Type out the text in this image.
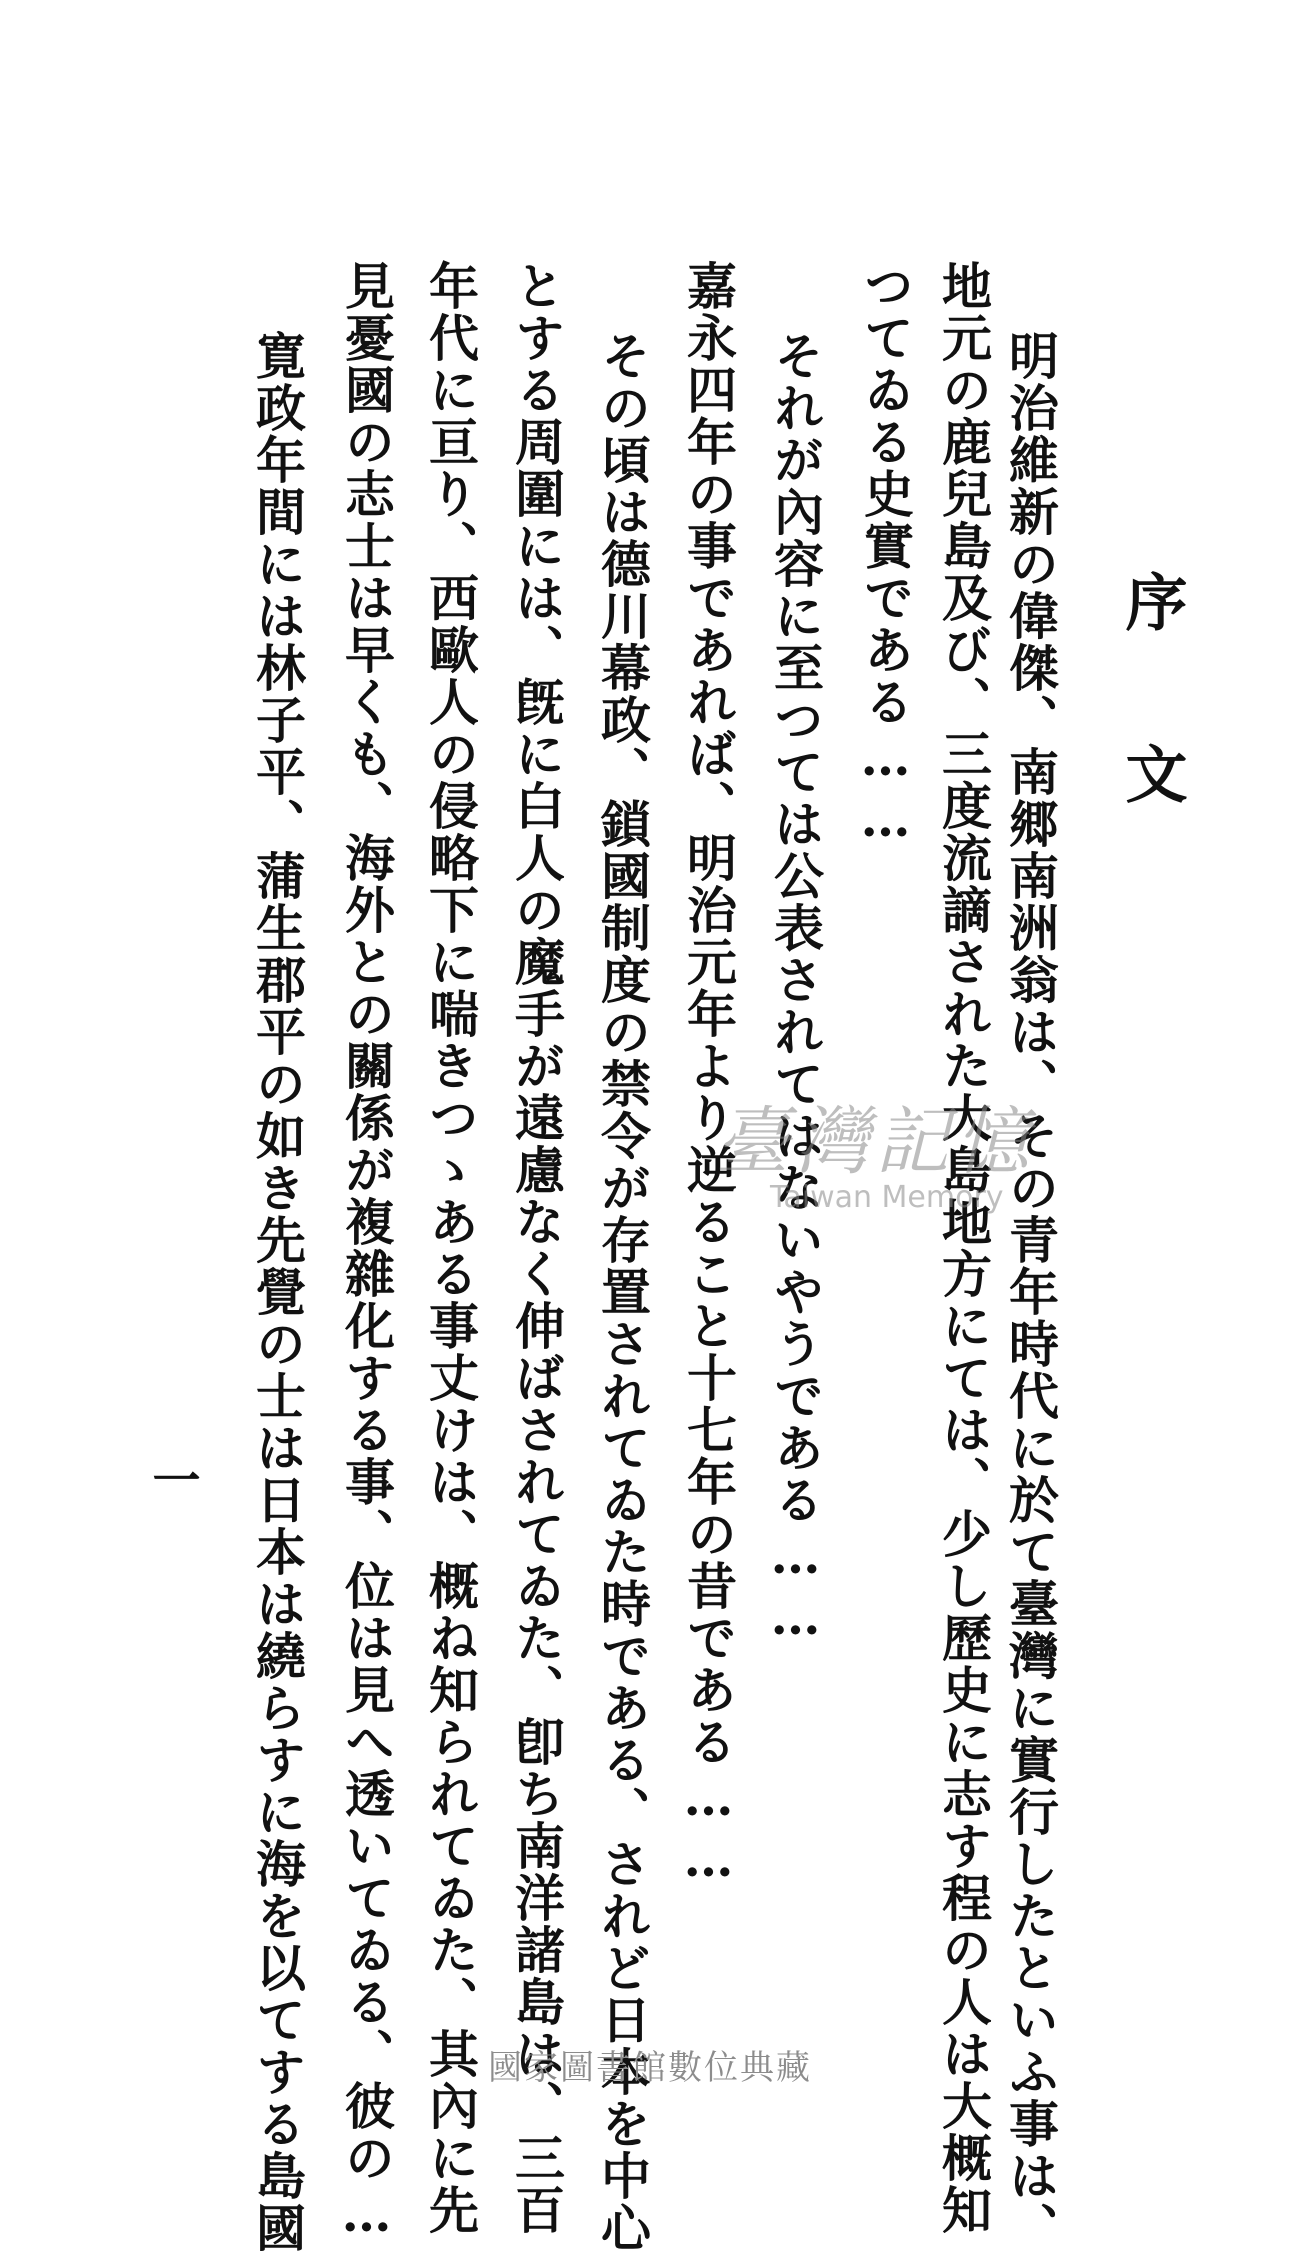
序文
明治維新の偉傑、南郷南洲翁は、その青年時代に於て臺灣に實行したといふ事は、
地元の鹿兒島及び、三度流謫された大島地方にては、少し歷史に志す程の人は大概知
つてゐる史實である……
それが內容に至つては公表されてはないやうである……
嘉永四年の事であれば、明治元年より逆ること十七年の昔である……
その頃は德川幕政、鎖國制度の禁令が存置されてゐた時である、されど日本を中心
とする周圍には、旣に白人の魔手が遠慮なく伸ばされてゐた、卽ち南洋諸島は、三百
年代に亘り、西歐人の侵略下に喘きつゝある事丈けは、概ね知られてゐた、其內に先
見憂國の志士は早くも、海外との關係が複雜化する事、位は見へ透いてゐる、彼の…
寛政年間には林子平、蒲生郡平の如き先覺の士は日本は繞らすに海を以てする島國
一
臺灣記憶
Taiwan Memory
國家圖書館數位典藏
